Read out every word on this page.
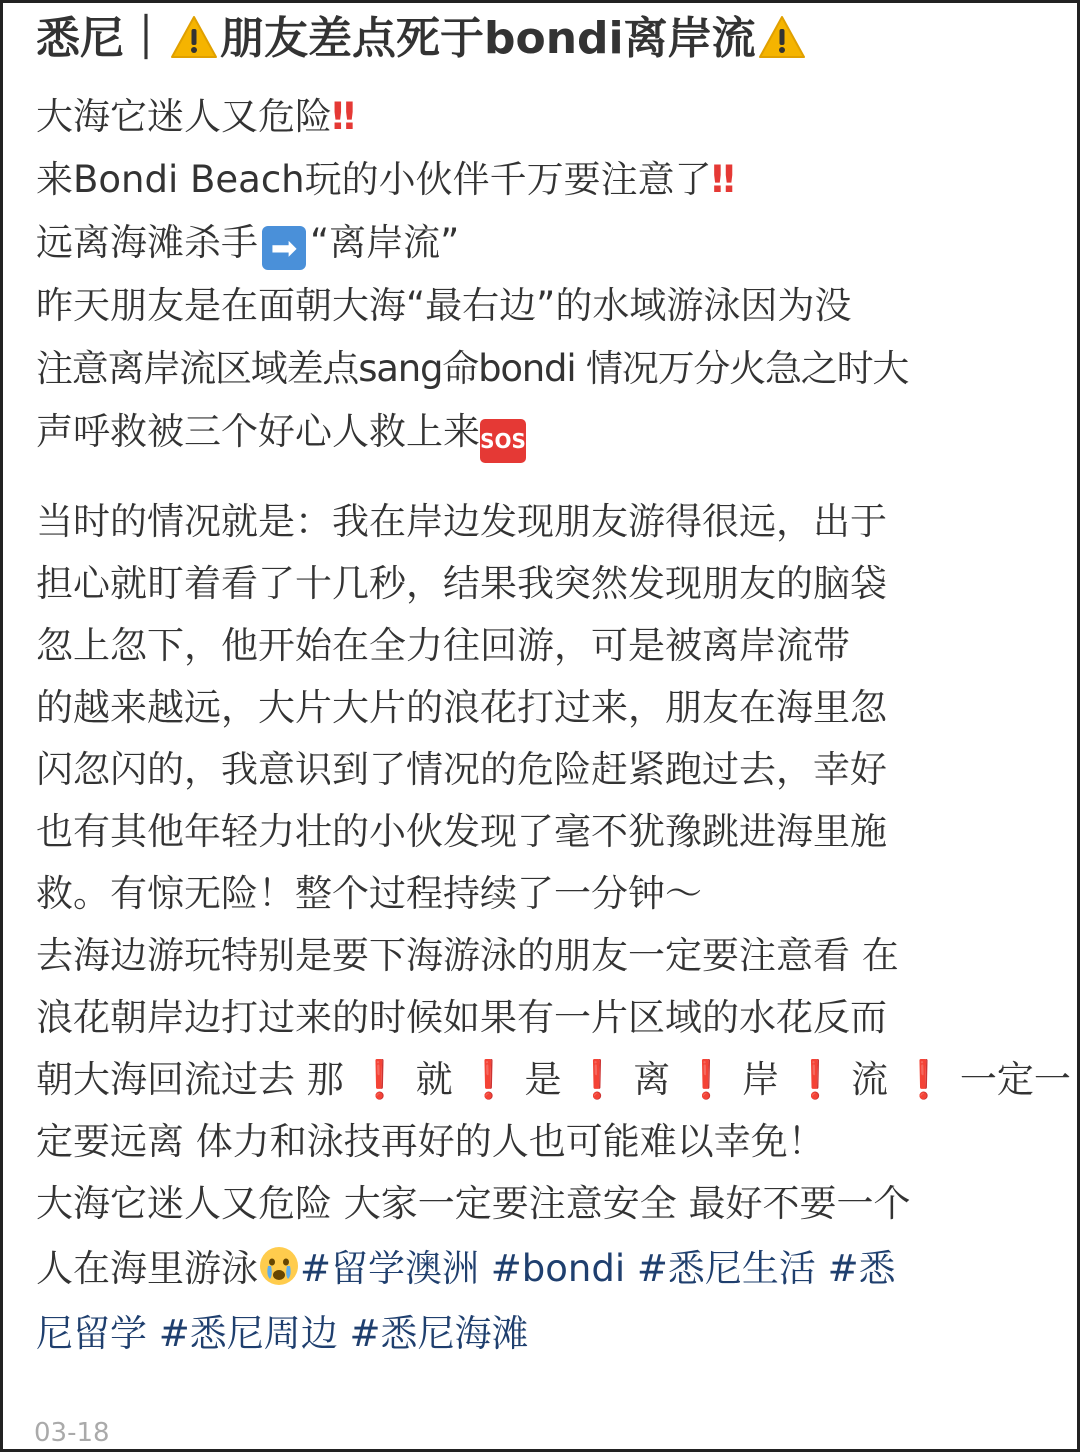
悉尼｜ 朋友差点死于bondi离岸流
大海它迷人又危险‼
来Bondi Beach玩的小伙伴千万要注意了‼
远离海滩杀手 ➡ “离岸流”
昨天朋友是在面朝大海“最右边”的水域游泳因为没
注意离岸流区域差点sang命bondi 情况万分火急之时大
声呼救被三个好心人救上来SOS
当时的情况就是：我在岸边发现朋友游得很远，出于
担心就盯着看了十几秒，结果我突然发现朋友的脑袋
忽上忽下，他开始在全力往回游，可是被离岸流带
的越来越远，大片大片的浪花打过来，朋友在海里忽
闪忽闪的，我意识到了情况的危险赶紧跑过去，幸好
也有其他年轻力壮的小伙发现了毫不犹豫跳进海里施
救。有惊无险！整个过程持续了一分钟～
去海边游玩特别是要下海游泳的朋友一定要注意看 在
浪花朝岸边打过来的时候如果有一片区域的水花反而
朝大海回流过去 那 ❗ 就 ❗ 是 ❗ 离 ❗ 岸 ❗ 流 ❗ 一定一
定要远离 体力和泳技再好的人也可能难以幸免！
大海它迷人又危险 大家一定要注意安全 最好不要一个
人在海里游泳 #留学澳洲 #bondi #悉尼生活 #悉
尼留学 #悉尼周边 #悉尼海滩
03-18
